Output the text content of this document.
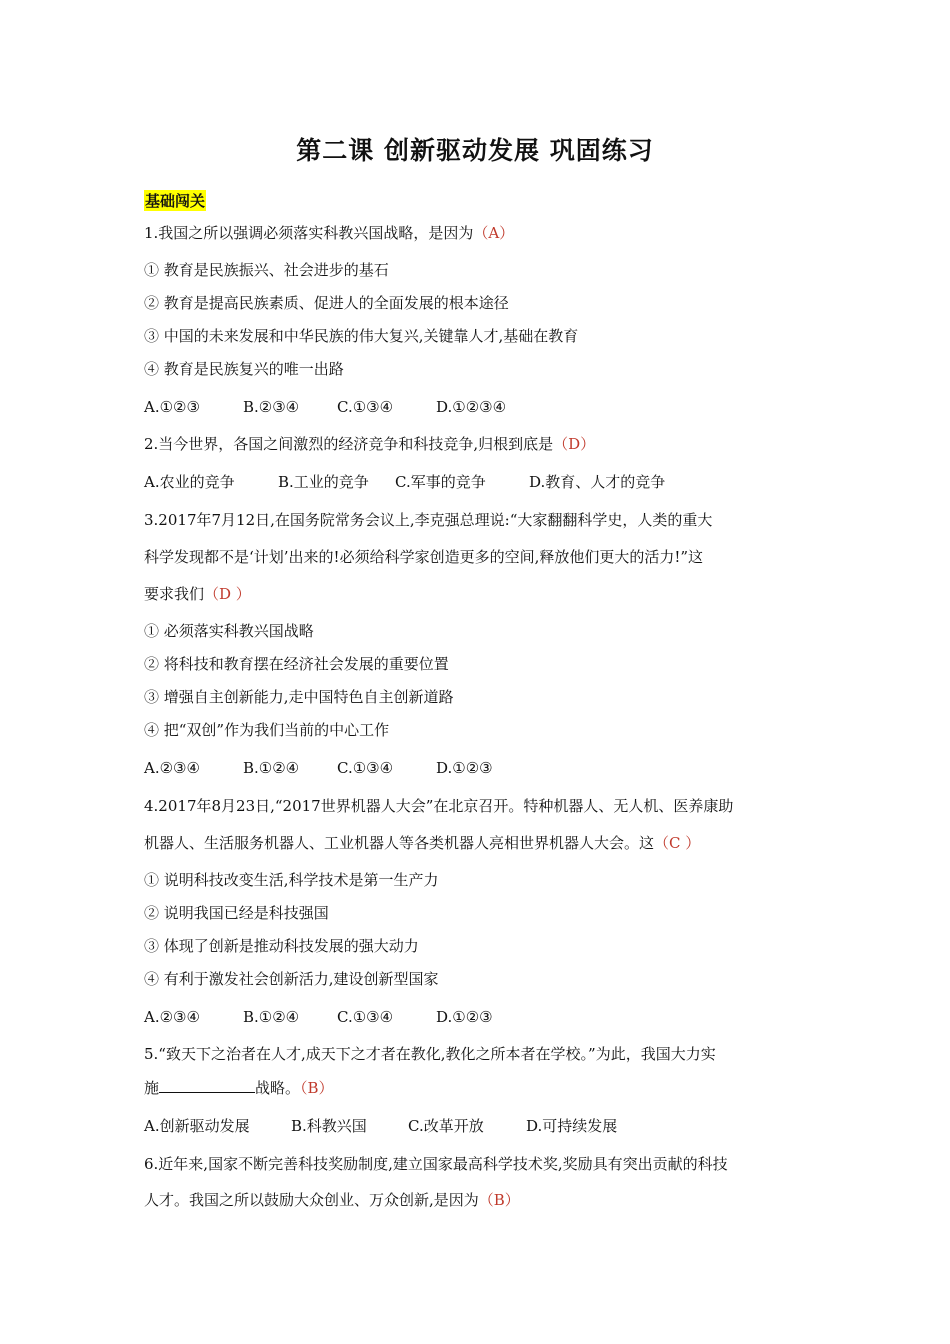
第二课 创新驱动发展 巩固练习
基础闯关
1.我国之所以强调必须落实科教兴国战略，是因为（A）
① 教育是民族振兴、社会进步的基石
② 教育是提高民族素质、促进人的全面发展的根本途径
③ 中国的未来发展和中华民族的伟大复兴,关键靠人才,基础在教育
④ 教育是民族复兴的唯一出路
A.①②③	B.②③④	C.①③④	D.①②③④
2.当今世界，各国之间激烈的经济竞争和科技竞争,归根到底是（D）
A.农业的竞争	B.工业的竞争 C.军事的竞争	D.教育、人才的竞争
3.2017年7月12日,在国务院常务会议上,李克强总理说:“大家翻翻科学史，人类的重大
科学发现都不是‘计划’出来的!必须给科学家创造更多的空间,释放他们更大的活力!”这
要求我们（D ）
① 必须落实科教兴国战略
② 将科技和教育摆在经济社会发展的重要位置
③ 增强自主创新能力,走中国特色自主创新道路
④ 把“双创”作为我们当前的中心工作
A.②③④	B.①②④	C.①③④	D.①②③
4.2017年8月23日,“2017世界机器人大会”在北京召开。特种机器人、无人机、医养康助
机器人、生活服务机器人、工业机器人等各类机器人亮相世界机器人大会。这（C ）
① 说明科技改变生活,科学技术是第一生产力
② 说明我国已经是科技强国
③ 体现了创新是推动科技发展的强大动力
④ 有利于激发社会创新活力,建设创新型国家
A.②③④	B.①②④	C.①③④	D.①②③
5.“致天下之治者在人才,成天下之才者在教化,教化之所本者在学校。”为此，我国大力实
施	战略。（B）
A.创新驱动发展	B.科教兴国	C.改革开放	D.可持续发展
6.近年来,国家不断完善科技奖励制度,建立国家最高科学技术奖,奖励具有突出贡献的科技
人才。我国之所以鼓励大众创业、万众创新,是因为（B）
